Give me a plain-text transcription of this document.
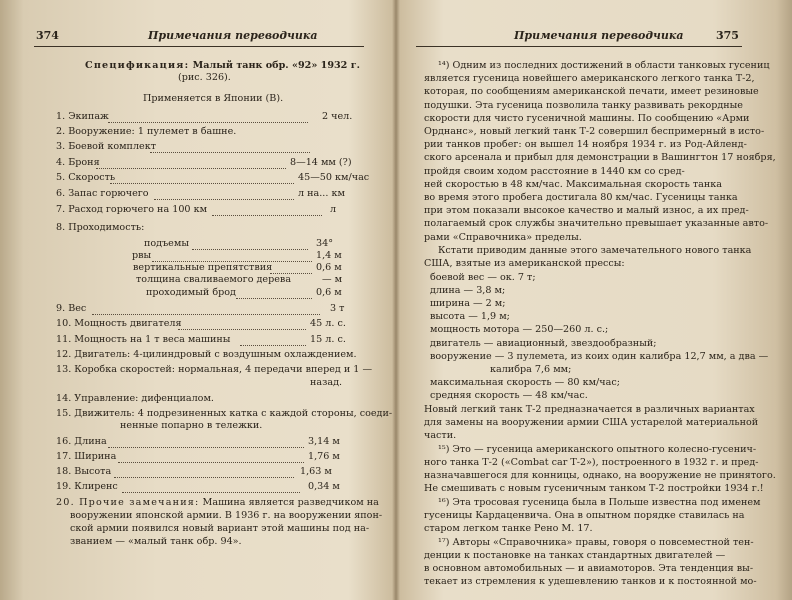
374	Примечания переводчика
Спецификация: Малый танк обр. «92» 1932 г.
(рис. 326).
Применяется в Японии (В).
1. Экипаж	2 чел.
2. Вооружение: 1 пулемет в башне.
3. Боевой комплект
4. Броня	8—14 мм (?)
5. Скорость	45—50 км/час
6. Запас горючего	л на... км
7. Расход горючего на 100 км	л
8. Проходимость:
подъемы	34°
рвы	1,4 м
вертикальные препятствия	0,6 м
толщина сваливаемого дерева	— м
проходимый брод	0,6 м
9. Вес	3 т
10. Мощность двигателя	45 л. с.
11. Мощность на 1 т веса машины	15 л. с.
12. Двигатель: 4-цилиндровый с воздушным охлаждением.
13. Коробка скоростей: нормальная, 4 передачи вперед и 1 —
назад.
14. Управление: дифенциалом.
15. Движитель: 4 подрезиненных катка с каждой стороны, соеди-
ненные попарно в тележки.
16. Длина	3,14 м
17. Ширина	1,76 м
18. Высота	1,63 м
19. Клиренс	0,34 м
20. Прочие замечания: Машина является разведчиком на
вооружении японской армии. В 1936 г. на вооружении япон-
ской армии появился новый вариант этой машины под на-
званием — «малый танк обр. 94».
Примечания переводчика	375
¹⁴) Одним из последних достижений в области танковых гусениц
является гусеница новейшего американского легкого танка Т-2,
которая, по сообщениям американской печати, имеет резиновые
подушки. Эта гусеница позволила танку развивать рекордные
скорости для чисто гусеничной машины. По сообщению «Арми
Орднанс», новый легкий танк Т-2 совершил беспримерный в исто-
рии танков пробег: он вышел 14 ноября 1934 г. из Род-Айленд-
ского арсенала и прибыл для демонстрации в Вашингтон 17 ноября,
пройдя своим ходом расстояние в 1440 км со сред-
ней скоростью в 48 км/час. Максимальная скорость танка
во время этого пробега достигала 80 км/час. Гусеницы танка
при этом показали высокое качество и малый износ, а их пред-
полагаемый срок службы значительно превышает указанные авто-
рами «Справочника» пределы.
Кстати приводим данные этого замечательного нового танка
США, взятые из американской прессы:
боевой вес — ок. 7 т;
длина — 3,8 м;
ширина — 2 м;
высота — 1,9 м;
мощность мотора — 250—260 л. с.;
двигатель — авиационный, звездообразный;
вооружение — 3 пулемета, из коих один калибра 12,7 мм, а два —
калибра 7,6 мм;
максимальная скорость — 80 км/час;
средняя скорость — 48 км/час.
Новый легкий танк Т-2 предназначается в различных вариантах
для замены на вооружении армии США устарелой материальной
части.
¹⁵) Это — гусеница американского опытного колесно-гусенич-
ного танка Т-2 («Combat car Т-2»), построенного в 1932 г. и пред-
назначавшегося для конницы, однако, на вооружение не принятого.
Не смешивать с новым гусеничным танком Т-2 постройки 1934 г.!
¹⁶) Эта тросовая гусеница была в Польше известна под именем
гусеницы Кардаценвича. Она в опытном порядке ставилась на
старом легком танке Рено М. 17.
¹⁷) Авторы «Справочника» правы, говоря о повсеместной тен-
денции к постановке на танках стандартных двигателей —
в основном автомобильных — и авиамоторов. Эта тенденция вы-
текает из стремления к удешевлению танков и к постоянной мо-
